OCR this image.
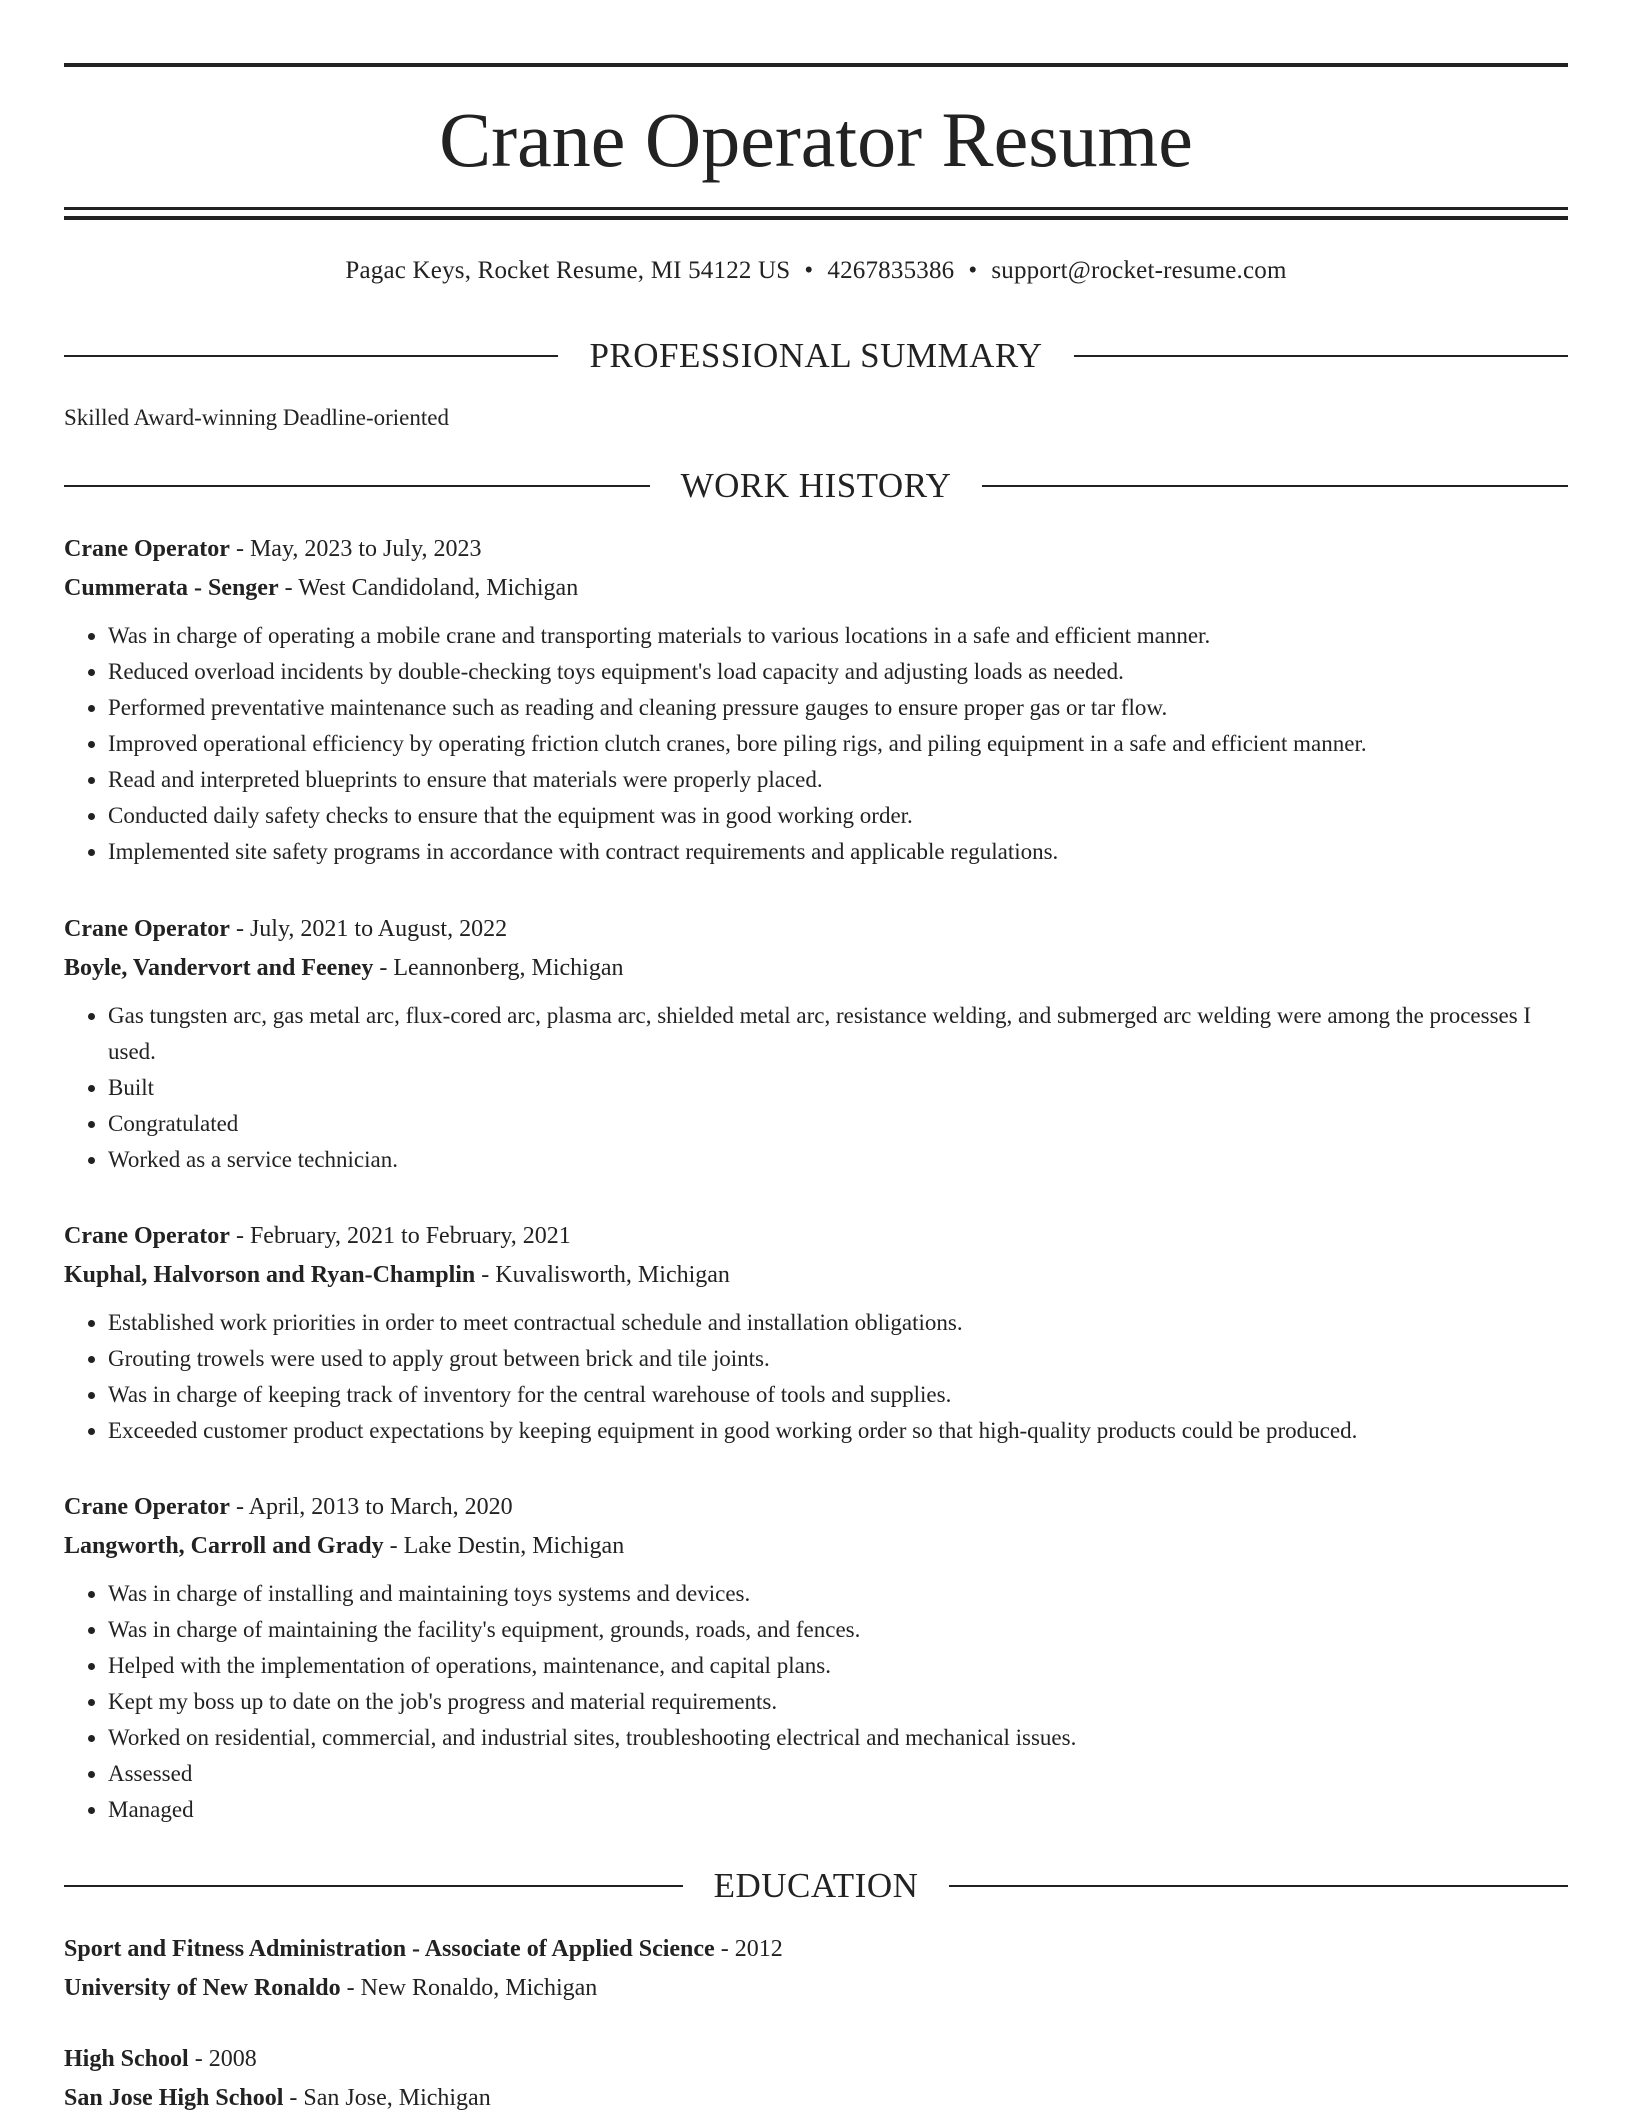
Crane Operator Resume
Pagac Keys, Rocket Resume, MI 54122 US • 4267835386 • support@rocket-resume.com
PROFESSIONAL SUMMARY
Skilled Award-winning Deadline-oriented
WORK HISTORY

Crane Operator - May, 2023 to July, 2023

Cummerata - Senger - West Candidoland, Michigan

• Was in charge of operating a mobile crane and transporting materials to various locations in a safe and efficient manner.
• Reduced overload incidents by double-checking toys equipment's load capacity and adjusting loads as needed.
• Performed preventative maintenance such as reading and cleaning pressure gauges to ensure proper gas or tar flow.
• Improved operational efficiency by operating friction clutch cranes, bore piling rigs, and piling equipment in a safe and efficient manner.
• Read and interpreted blueprints to ensure that materials were properly placed.
• Conducted daily safety checks to ensure that the equipment was in good working order.
• Implemented site safety programs in accordance with contract requirements and applicable regulations.

Crane Operator - July, 2021 to August, 2022

Boyle, Vandervort and Feeney - Leannonberg, Michigan

• Gas tungsten arc, gas metal arc, flux-cored arc, plasma arc, shielded metal arc, resistance welding, and submerged arc welding were among the processes I used.
• Built
• Congratulated
• Worked as a service technician.

Crane Operator - February, 2021 to February, 2021

Kuphal, Halvorson and Ryan-Champlin - Kuvalisworth, Michigan

• Established work priorities in order to meet contractual schedule and installation obligations.
• Grouting trowels were used to apply grout between brick and tile joints.
• Was in charge of keeping track of inventory for the central warehouse of tools and supplies.
• Exceeded customer product expectations by keeping equipment in good working order so that high-quality products could be produced.

Crane Operator - April, 2013 to March, 2020

Langworth, Carroll and Grady - Lake Destin, Michigan

• Was in charge of installing and maintaining toys systems and devices.
• Was in charge of maintaining the facility's equipment, grounds, roads, and fences.
• Helped with the implementation of operations, maintenance, and capital plans.
• Kept my boss up to date on the job's progress and material requirements.
• Worked on residential, commercial, and industrial sites, troubleshooting electrical and mechanical issues.
• Assessed
• Managed
EDUCATION

Sport and Fitness Administration - Associate of Applied Science - 2012

University of New Ronaldo - New Ronaldo, Michigan

High School - 2008

San Jose High School - San Jose, Michigan
